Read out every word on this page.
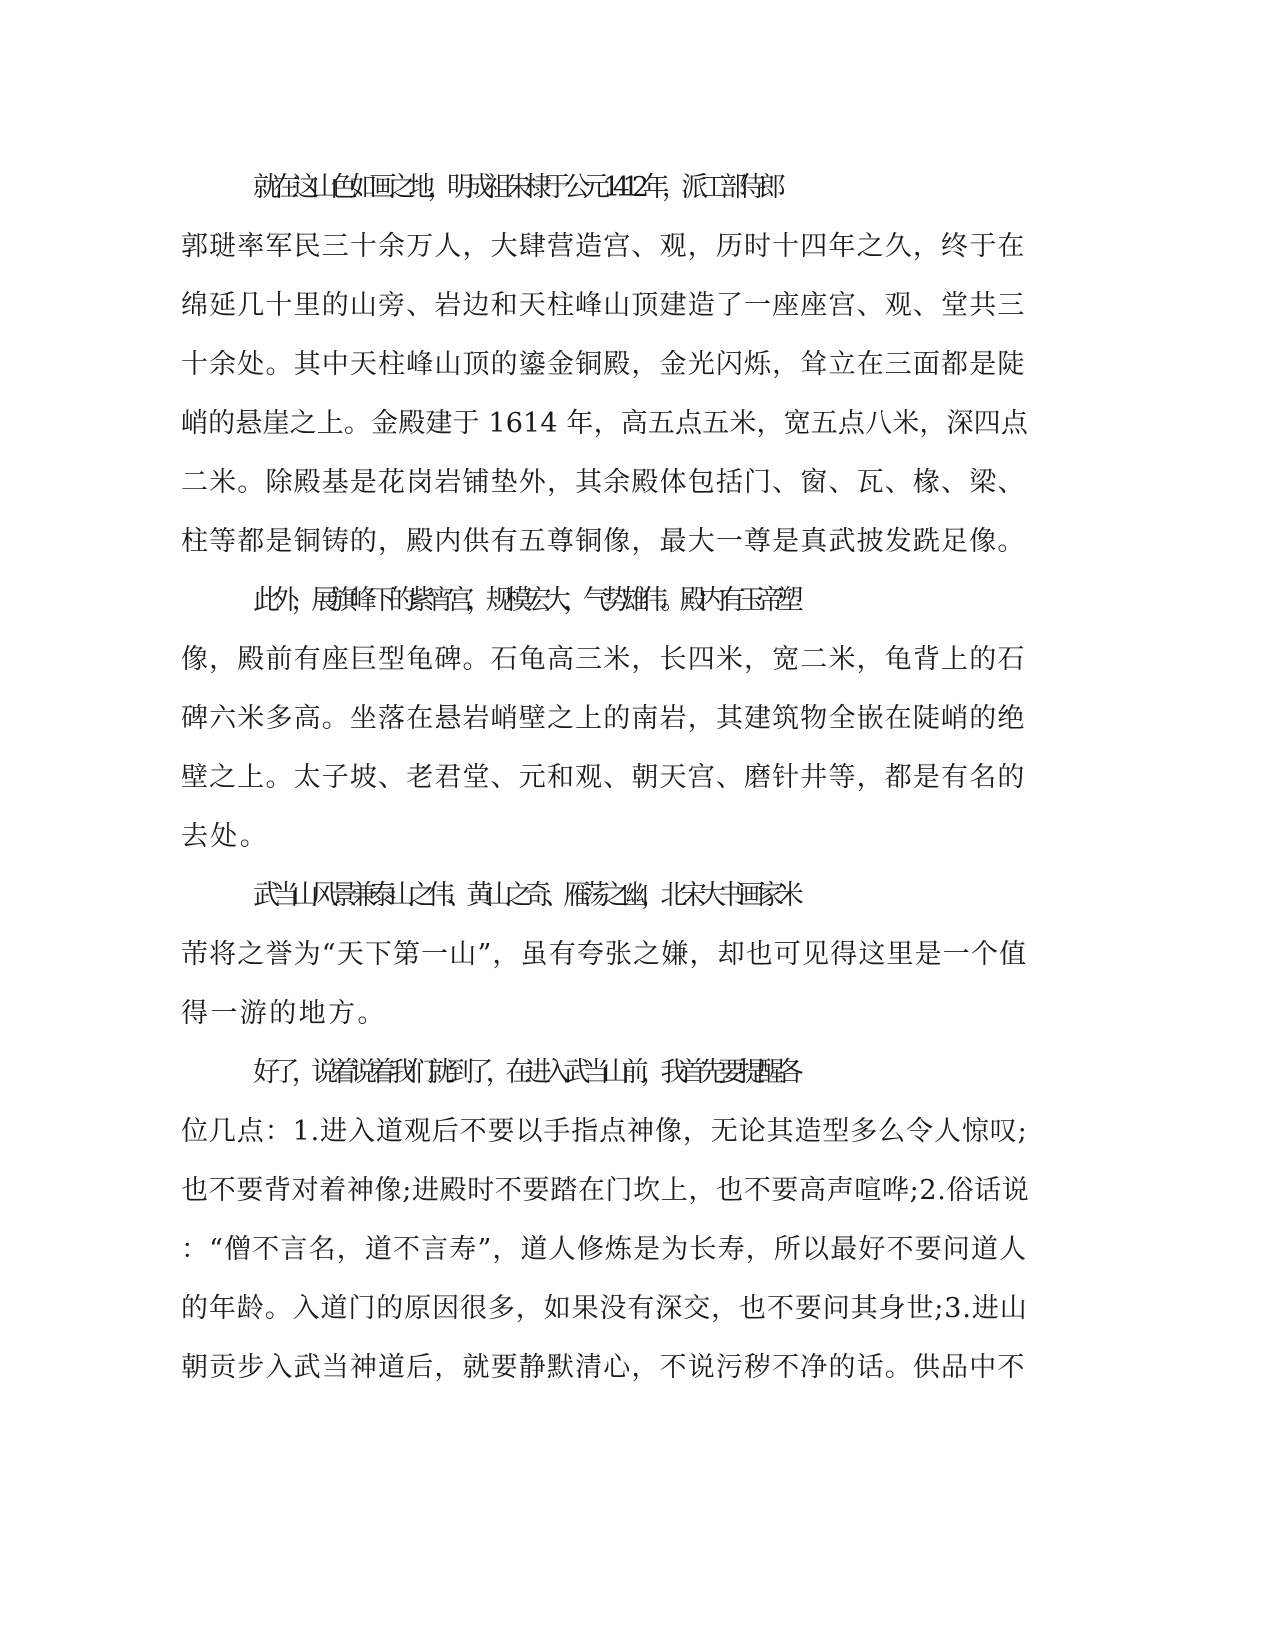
就在这山色如画之地，明成祖朱棣于公元 1412 年，派工部侍郎
郭琎率军民三十余万人，大肆营造宫、观，历时十四年之久，终于在
绵延几十里的山旁、岩边和天柱峰山顶建造了一座座宫、观、堂共三
十余处。其中天柱峰山顶的鎏金铜殿，金光闪烁，耸立在三面都是陡
峭的悬崖之上。金殿建于 1614 年，高五点五米，宽五点八米，深四点
二米。除殿基是花岗岩铺垫外，其余殿体包括门、窗、瓦、椽、梁、
柱等都是铜铸的，殿内供有五尊铜像，最大一尊是真武披发跣足像。

此外，展旗峰下的紫宵宫，规模宏大，气势雄伟。殿内有玉帝塑
像，殿前有座巨型龟碑。石龟高三米，长四米，宽二米，龟背上的石
碑六米多高。坐落在悬岩峭壁之上的南岩，其建筑物全嵌在陡峭的绝
壁之上。太子坡、老君堂、元和观、朝天宫、磨针井等，都是有名的
去处。

武当山风景兼泰山之伟、黄山之奇、雁荡之幽，北宋大书画家米
芾将之誉为“天下第一山”，虽有夸张之嫌，却也可见得这里是一个值
得一游的地方。

好了，说着说着我们就到了，在进入武当山前，我首先要提醒各
位几点：1.进入道观后不要以手指点神像，无论其造型多么令人惊叹;
也不要背对着神像;进殿时不要踏在门坎上，也不要高声喧哗;2.俗话说
：“僧不言名，道不言寿”，道人修炼是为长寿，所以最好不要问道人
的年龄。入道门的原因很多，如果没有深交，也不要问其身世;3.进山
朝贡步入武当神道后，就要静默清心，不说污秽不净的话。供品中不
